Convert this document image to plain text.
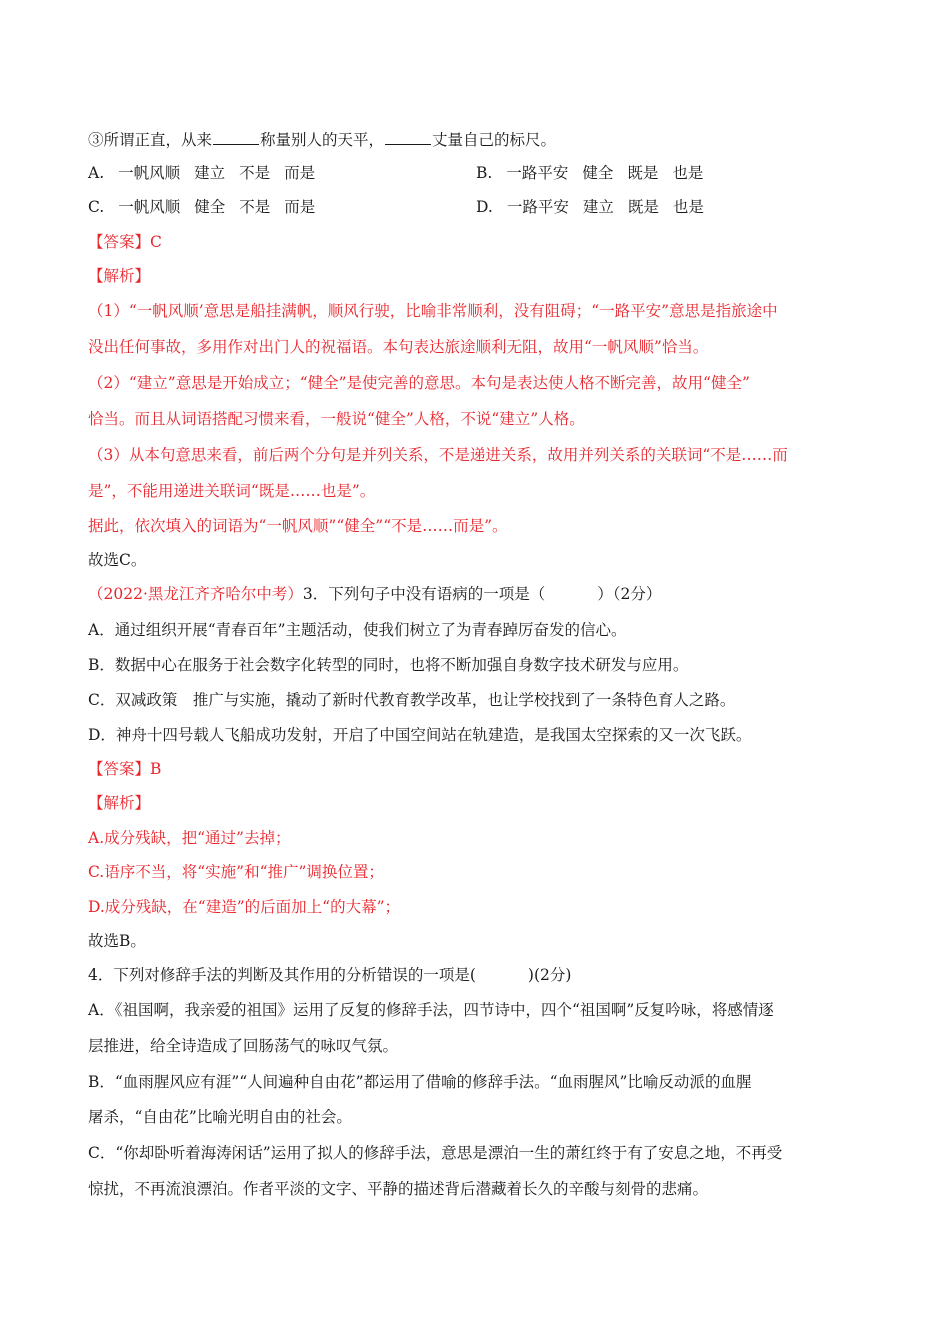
③所谓正直，从来	称量别人的天平，	丈量自己的标尺。
A. 一帆风顺 建立 不是 而是	B. 一路平安 健全 既是 也是
C. 一帆风顺 健全 不是 而是	D. 一路平安 建立 既是 也是
【答案】C
【解析】
（1）“一帆风顺’意思是船挂满帆，顺风行驶，比喻非常顺利，没有阻碍；“一路平安”意思是指旅途中
没出任何事故，多用作对出门人的祝福语。本句表达旅途顺利无阻，故用“一帆风顺”恰当。
（2）“建立”意思是开始成立；“健全”是使完善的意思。本句是表达使人格不断完善，故用“健全”
恰当。而且从词语搭配习惯来看，一般说“健全”人格，不说“建立”人格。
（3）从本句意思来看，前后两个分句是并列关系，不是递进关系，故用并列关系的关联词“不是……而
是”，不能用递进关联词“既是……也是”。
据此，依次填入的词语为“一帆风顺”“健全”“不是……而是”。
故选C。
（2022·黑龙江齐齐哈尔中考）3．下列句子中没有语病的一项是（	）（2分）
A．通过组织开展“青春百年”主题活动，使我们树立了为青春踔厉奋发的信心。
B．数据中心在服务于社会数字化转型的同时，也将不断加强自身数字技术研发与应用。
C．双减政策　推广与实施，撬动了新时代教育教学改革，也让学校找到了一条特色育人之路。
D．神舟十四号载人飞船成功发射，开启了中国空间站在轨建造，是我国太空探索的又一次飞跃。
【答案】B
【解析】
A.成分残缺，把“通过”去掉；
C.语序不当，将“实施”和“推广”调换位置；
D.成分残缺，在“建造”的后面加上“的大幕”；
故选B。
4．下列对修辞手法的判断及其作用的分析错误的一项是(	)(2分)
A．《祖国啊，我亲爱的祖国》运用了反复的修辞手法，四节诗中，四个“祖国啊”反复吟咏，将感情逐
层推进，给全诗造成了回肠荡气的咏叹气氛。
B．“血雨腥风应有涯”“人间遍种自由花”都运用了借喻的修辞手法。“血雨腥风”比喻反动派的血腥
屠杀，“自由花”比喻光明自由的社会。
C．“你却卧听着海涛闲话”运用了拟人的修辞手法，意思是漂泊一生的萧红终于有了安息之地，不再受
惊扰，不再流浪漂泊。作者平淡的文字、平静的描述背后潜藏着长久的辛酸与刻骨的悲痛。
